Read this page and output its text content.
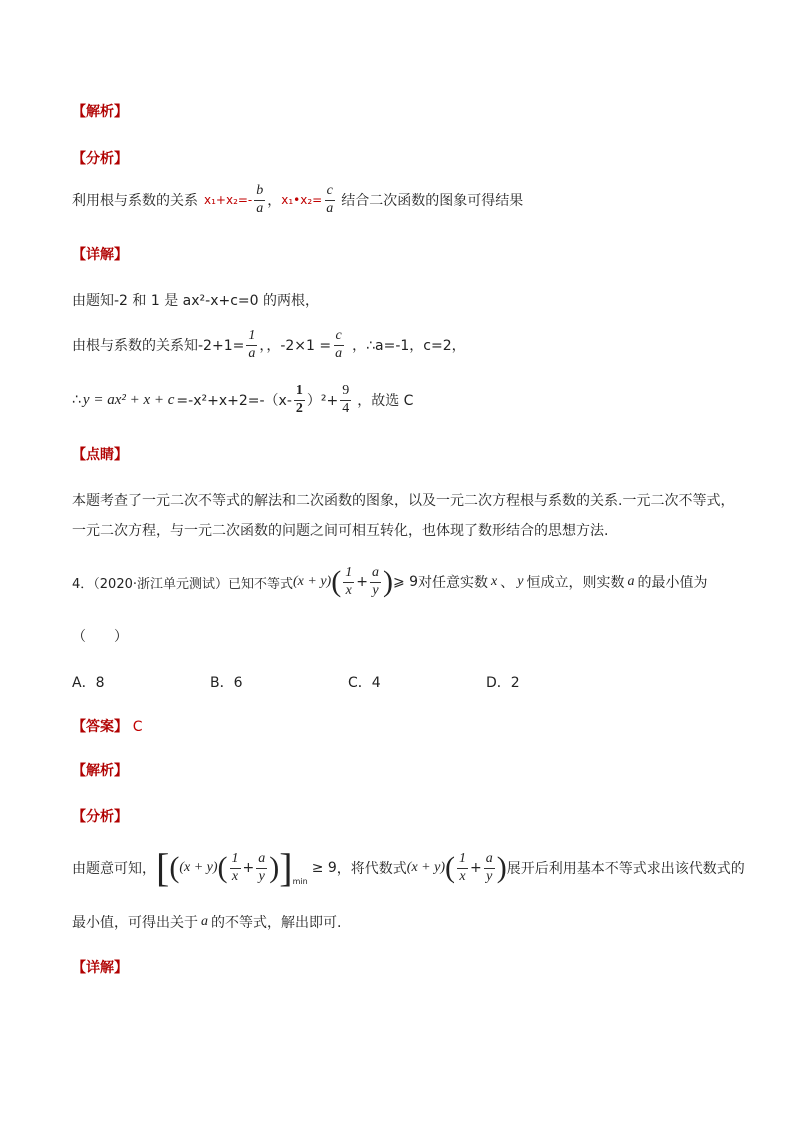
【解析】
【分析】
利用根与系数的关系 $x_1+x_2=- \frac{b}{a}$ ， x₁•x₂= $\frac{c}{a}$ 结合二次函数的图象可得结果
【详解】
由题知-2 和 1 是 ax²-x+c=0 的两根，
由根与系数的关系知$-2+1= \frac{1}{a}$ ，，$-2\times 1 = \frac{c}{a}$ ，∴a=-1，c=2，
∴ $y = ax^2 + x + c =-x^2+x+2=-(x- \frac{1}{2} )^2+ \frac{9}{4}$ ，故选 C
【点睛】
本题考查了一元二次不等式的解法和二次函数的图象，以及一元二次方程根与系数的关系.一元二次不等式，
一元二次方程，与一元二次函数的问题之间可相互转化，也体现了数形结合的思想方法.
4．（2020·浙江单元测试）已知不等式 (x + y) ( $\frac{1}{x} + \frac{a}{y}$ ) ⩾ 9 对任意实数 x 、 y 恒成立，则实数 a 的最小值为
（　　）
A．8	B．6	C．4	D．2
【答案】 C
【解析】
【分析】
由题意可知， [ ( (x + y) ( $\frac{1}{x} + \frac{a}{y}$ ) ] min
≥ 9 ，将代数式 (x + y) ( $\frac{1}{x} + \frac{a}{y}$ ) 展开后利用基本不等式求出该代数式的
最小值，可得出关于 a 的不等式，解出即可.
【详解】
